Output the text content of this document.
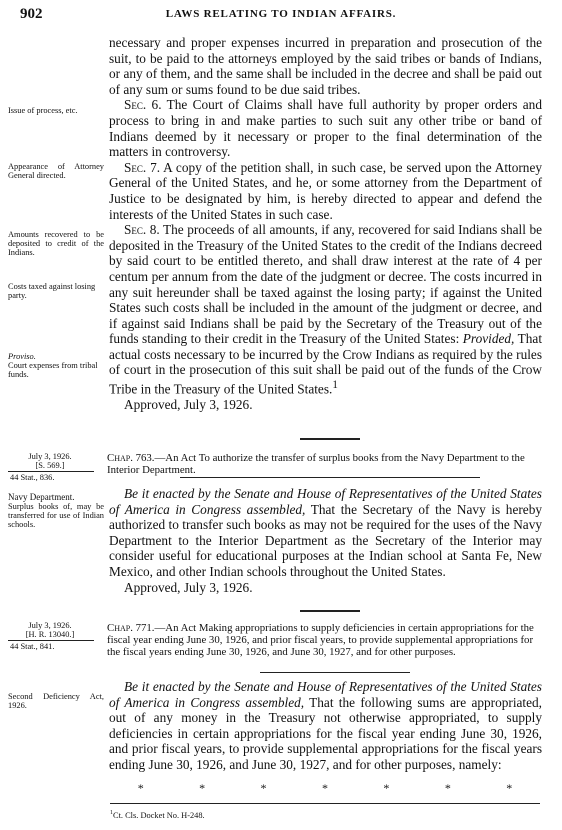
902	LAWS RELATING TO INDIAN AFFAIRS.

necessary and proper expenses incurred in preparation and prosecution of the suit, to be paid to the attorneys employed by the said tribes or bands of Indians, or any of them, and the same shall be included in the decree and shall be paid out of any sum or sums found to be due said tribes.

Sec. 6. The Court of Claims shall have full authority by proper orders and process to bring in and make parties to such suit any other tribe or band of Indians deemed by it necessary or proper to the final determination of the matters in controversy.

Sec. 7. A copy of the petition shall, in such case, be served upon the Attorney General of the United States, and he, or some attorney from the Department of Justice to be designated by him, is hereby directed to appear and defend the interests of the United States in such case.

Sec. 8. The proceeds of all amounts, if any, recovered for said Indians shall be deposited in the Treasury of the United States to the credit of the Indians decreed by said court to be entitled thereto, and shall draw interest at the rate of 4 per centum per annum from the date of the judgment or decree. The costs incurred in any suit hereunder shall be taxed against the losing party; if against the United States such costs shall be included in the amount of the judgment or decree, and if against said Indians shall be paid by the Secretary of the Treasury out of the funds standing to their credit in the Treasury of the United States: Provided, That actual costs necessary to be incurred by the Crow Indians as required by the rules of court in the prosecution of this suit shall be paid out of the funds of the Crow Tribe in the Treasury of the United States.$^1$

Approved, July 3, 1926.

Issue of process, etc.
Appearance of Attorney General directed.
Amounts recovered to be deposited to credit of the Indians.
Costs taxed against losing party.
Proviso.
Court expenses from tribal funds.
July 3, 1926.
[S. 569.]
44 Stat., 836.

Chap. 763.—An Act To authorize the transfer of surplus books from the Navy Department to the Interior Department.

Be it enacted by the Senate and House of Representatives of the United States of America in Congress assembled, That the Secretary of the Navy is hereby authorized to transfer such books as may not be required for the uses of the Navy Department to the Interior Department as the Secretary of the Interior may consider useful for educational purposes at the Indian school at Santa Fe, New Mexico, and other Indian schools throughout the United States.

Approved, July 3, 1926.

Navy Department.
Surplus books of, may be transferred for use of Indian schools.
July 3, 1926.
[H. R. 13040.]
44 Stat., 841.

Chap. 771.—An Act Making appropriations to supply deficiencies in certain appropriations for the fiscal year ending June 30, 1926, and prior fiscal years, to provide supplemental appropriations for the fiscal years ending June 30, 1926, and June 30, 1927, and for other purposes.

Be it enacted by the Senate and House of Representatives of the United States of America in Congress assembled, That the following sums are appropriated, out of any money in the Treasury not otherwise appropriated, to supply deficiencies in certain appropriations for the fiscal year ending June 30, 1926, and prior fiscal years, to provide supplemental appropriations for the fiscal years ending June 30, 1926, and June 30, 1927, and for other purposes, namely:

Second Deficiency Act, 1926.
*	*	*	*	*	*	*
$^1$Ct. Cls. Docket No. H-248.
